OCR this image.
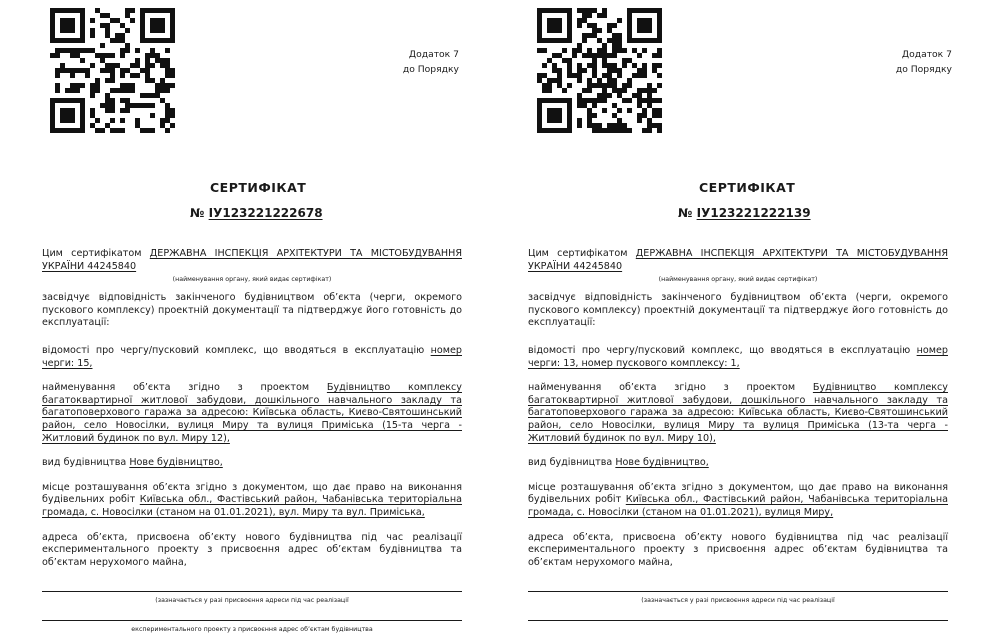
Додаток 7
до Порядку
СЕРТИФІКАТ
№ ІУ123221222678

Цим сертифікатом ДЕРЖАВНА ІНСПЕКЦІЯ АРХІТЕКТУРИ ТА МІСТОБУДУВАННЯ УКРАЇНИ 44245840

(найменування органу, який видає сертифікат)

засвідчує відповідність закінченого будівництвом об’єкта (черги, окремого пускового комплексу) проектній документації та підтверджує його готовність до експлуатації:

відомості про чергу/пусковий комплекс, що вводяться в експлуатацію номер черги: 15,

найменування об’єкта згідно з проектом Будівництво комплексу багатоквартирної житлової забудови, дошкільного навчального закладу та багатоповерхового гаража за адресою: Київська область, Києво-Святошинський район, село Новосілки, вулиця Миру та вулиця Приміська (15-та черга - Житловий будинок по вул. Миру 12),

вид будівництва Нове будівництво,

місце розташування об’єкта згідно з документом, що дає право на виконання будівельних робіт Київська обл., Фастівський район, Чабанівська територіальна громада, с. Новосілки (станом на 01.01.2021), вул. Миру та вул. Приміська,

адреса об’єкта, присвоєна об’єкту нового будівництва під час реалізації експериментального проекту з присвоєння адрес об’єктам будівництва та об’єктам нерухомого майна,

(зазначається у разі присвоєння адреси під час реалізації
експериментального проекту з присвоєння адрес об’єктам будівництва
Додаток 7
до Порядку
СЕРТИФІКАТ
№ ІУ123221222139

Цим сертифікатом ДЕРЖАВНА ІНСПЕКЦІЯ АРХІТЕКТУРИ ТА МІСТОБУДУВАННЯ УКРАЇНИ 44245840

(найменування органу, який видає сертифікат)

засвідчує відповідність закінченого будівництвом об’єкта (черги, окремого пускового комплексу) проектній документації та підтверджує його готовність до експлуатації:

відомості про чергу/пусковий комплекс, що вводяться в експлуатацію номер черги: 13, номер пускового комплексу: 1,

найменування об’єкта згідно з проектом Будівництво комплексу багатоквартирної житлової забудови, дошкільного навчального закладу та багатоповерхового гаража за адресою: Київська область, Києво-Святошинський район, село Новосілки, вулиця Миру та вулиця Приміська (13-та черга - Житловий будинок по вул. Миру 10),

вид будівництва Нове будівництво,

місце розташування об’єкта згідно з документом, що дає право на виконання будівельних робіт Київська обл., Фастівський район, Чабанівська територіальна громада, с. Новосілки (станом на 01.01.2021), вулиця Миру,

адреса об’єкта, присвоєна об’єкту нового будівництва під час реалізації експериментального проекту з присвоєння адрес об’єктам будівництва та об’єктам нерухомого майна,

(зазначається у разі присвоєння адреси під час реалізації
